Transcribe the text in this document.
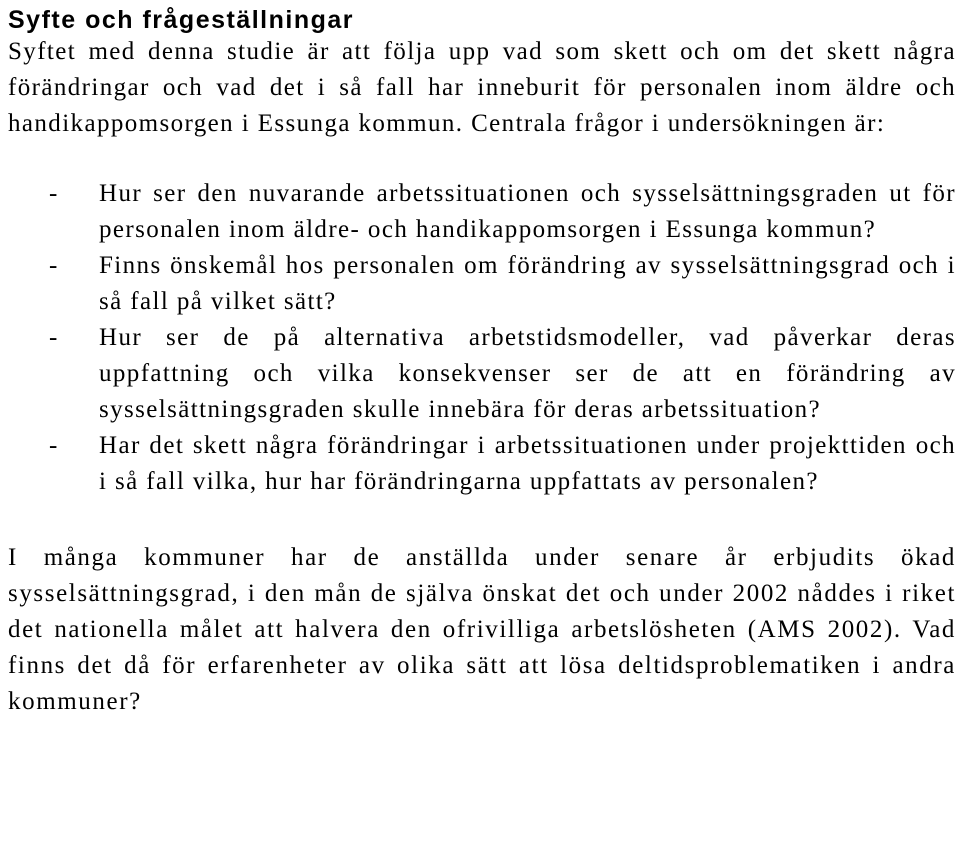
Syfte och frågeställningar

Syftet med denna studie är att följa upp vad som skett och om det skett några förändringar och vad det i så fall har inneburit för personalen inom äldre och handikappomsorgen i Essunga kommun. Centrala frågor i undersökningen är:

- Hur ser den nuvarande arbetssituationen och sysselsättningsgraden ut för personalen inom äldre- och handikappomsorgen i Essunga kommun?
- Finns önskemål hos personalen om förändring av sysselsättningsgrad och i så fall på vilket sätt?
- Hur ser de på alternativa arbetstidsmodeller, vad påverkar deras uppfattning och vilka konsekvenser ser de att en förändring av sysselsättningsgraden skulle innebära för deras arbetssituation?
- Har det skett några förändringar i arbetssituationen under projekttiden och i så fall vilka, hur har förändringarna uppfattats av personalen?

I många kommuner har de anställda under senare år erbjudits ökad sysselsättningsgrad, i den mån de själva önskat det och under 2002 nåddes i riket det nationella målet att halvera den ofrivilliga arbetslösheten (AMS 2002). Vad finns det då för erfarenheter av olika sätt att lösa deltidsproblematiken i andra kommuner?
